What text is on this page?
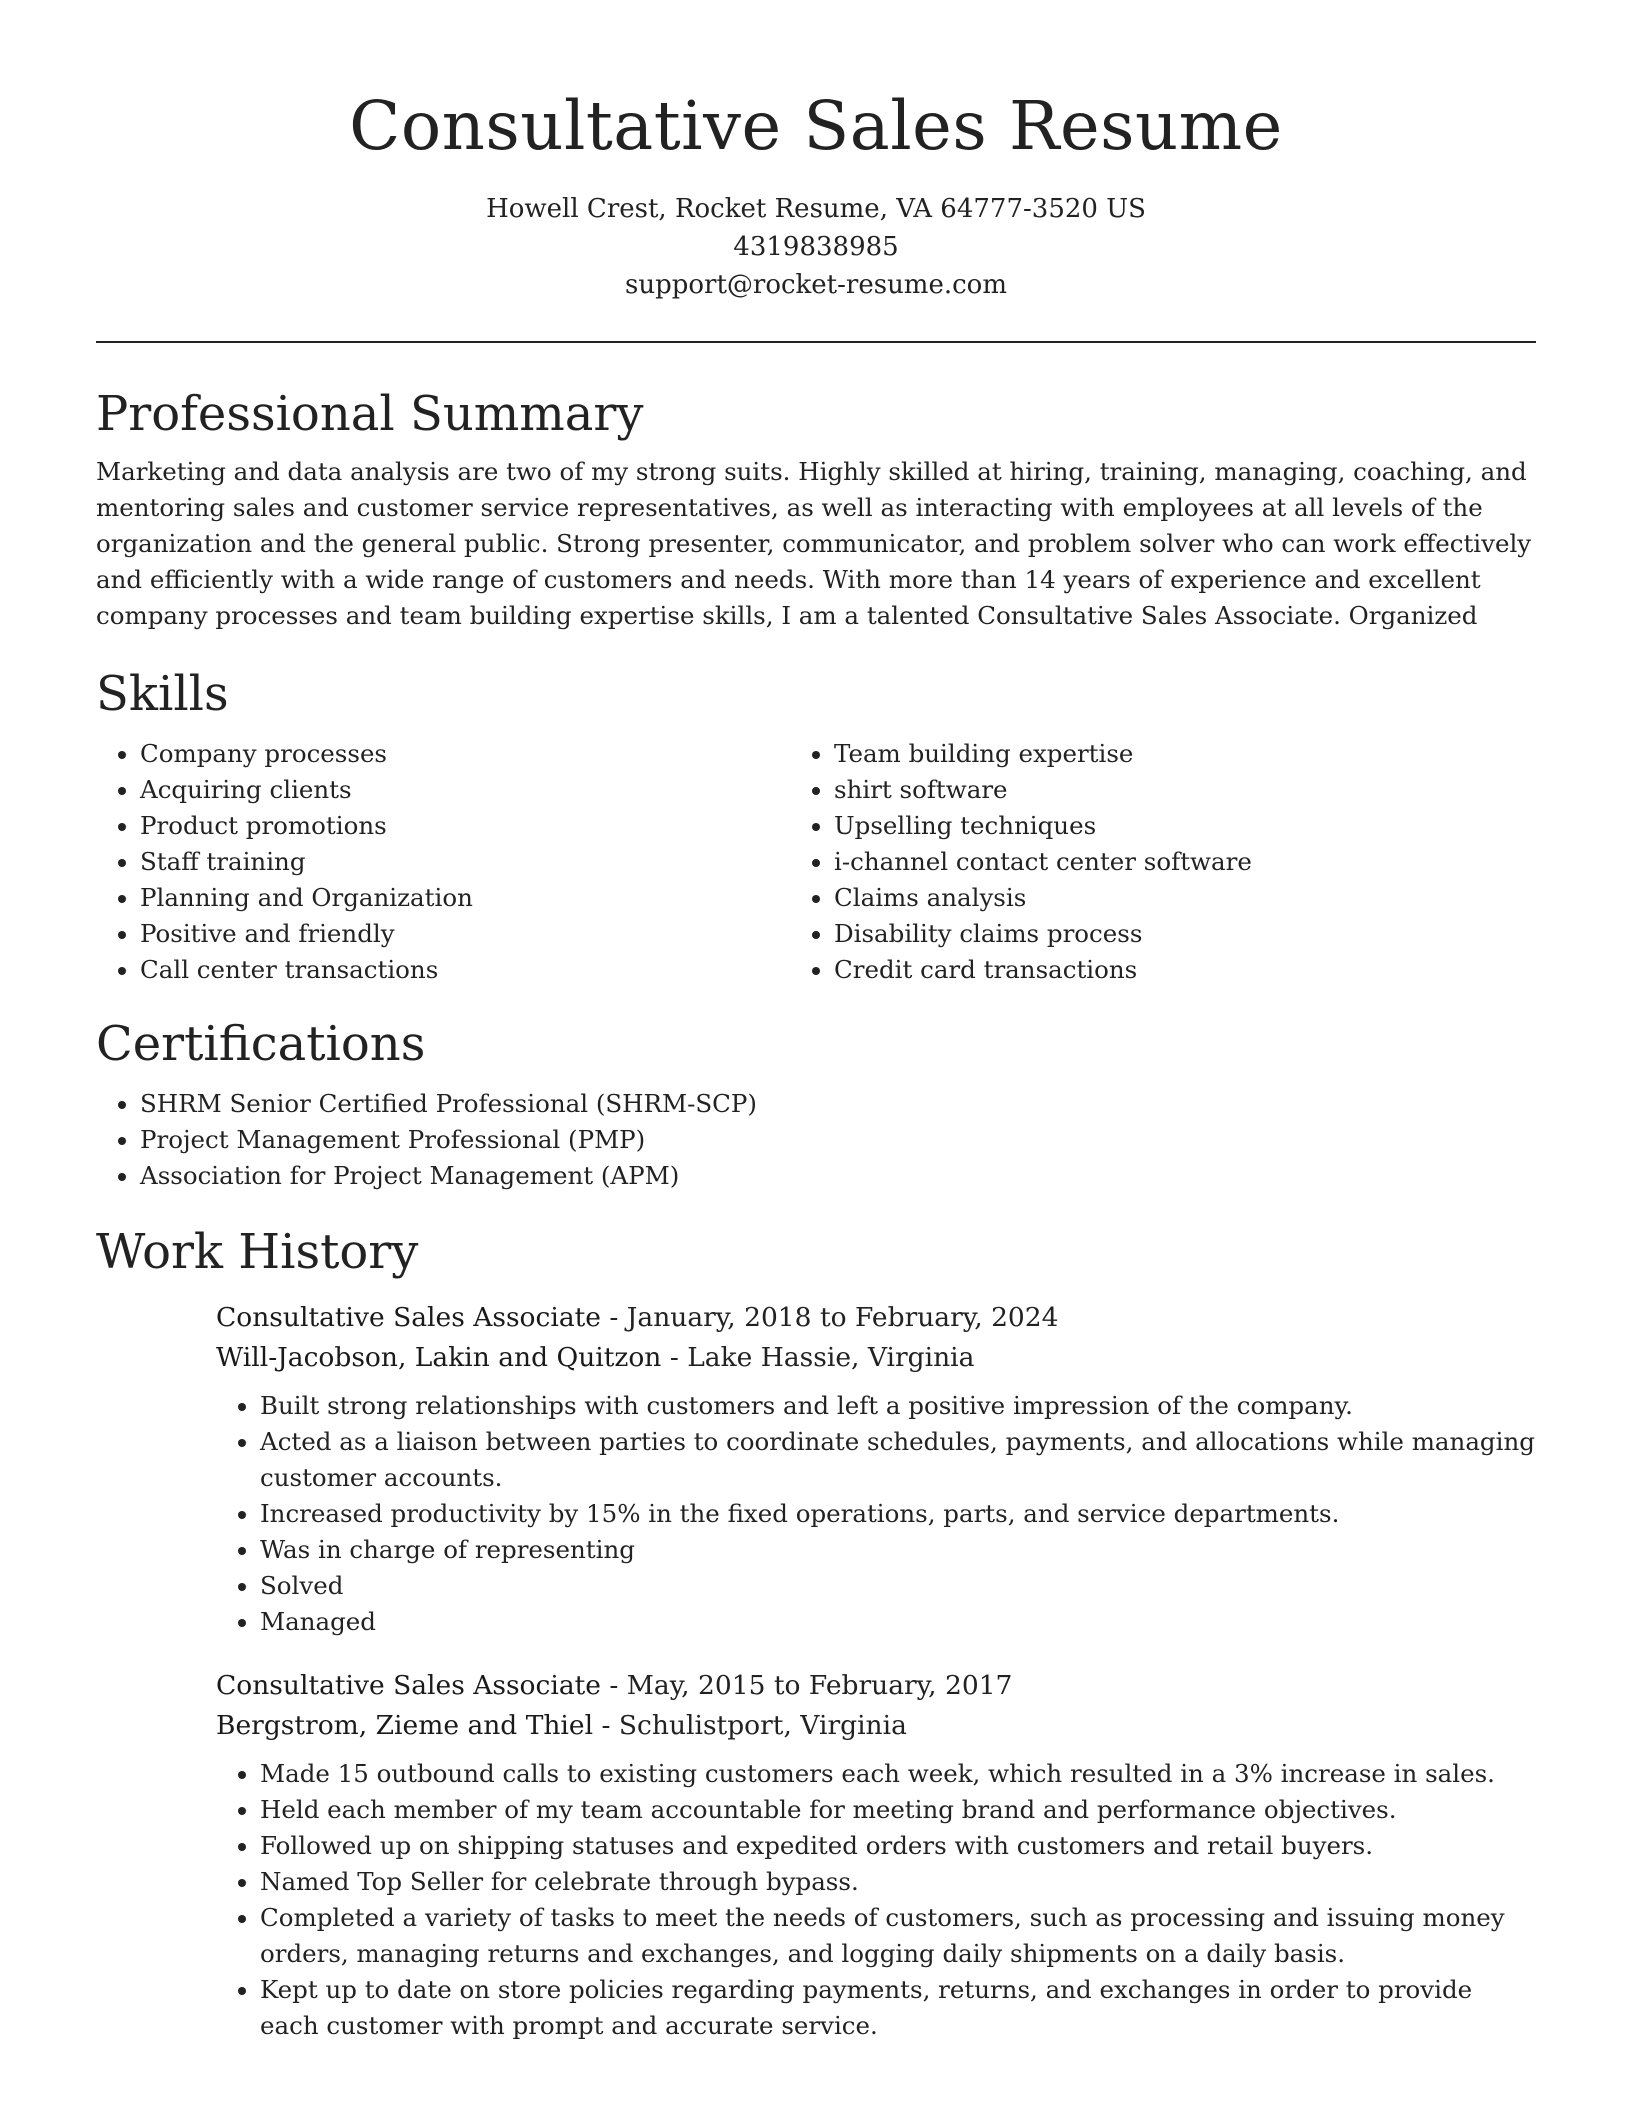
Consultative Sales Resume
Howell Crest, Rocket Resume, VA 64777-3520 US
4319838985
support@rocket-resume.com
Professional Summary

Marketing and data analysis are two of my strong suits. Highly skilled at hiring, training, managing, coaching, and mentoring sales and customer service representatives, as well as interacting with employees at all levels of the organization and the general public. Strong presenter, communicator, and problem solver who can work effectively and efficiently with a wide range of customers and needs. With more than 14 years of experience and excellent company processes and team building expertise skills, I am a talented Consultative Sales Associate. Organized

Skills
• Company processes
• Acquiring clients
• Product promotions
• Staff training
• Planning and Organization
• Positive and friendly
• Call center transactions
• Team building expertise
• shirt software
• Upselling techniques
• i-channel contact center software
• Claims analysis
• Disability claims process
• Credit card transactions
Certifications
• SHRM Senior Certified Professional (SHRM-SCP)
• Project Management Professional (PMP)
• Association for Project Management (APM)
Work History
Consultative Sales Associate - January, 2018 to February, 2024
Will-Jacobson, Lakin and Quitzon - Lake Hassie, Virginia
• Built strong relationships with customers and left a positive impression of the company.
• Acted as a liaison between parties to coordinate schedules, payments, and allocations while managing customer accounts.
• Increased productivity by 15% in the fixed operations, parts, and service departments.
• Was in charge of representing
• Solved
• Managed
Consultative Sales Associate - May, 2015 to February, 2017
Bergstrom, Zieme and Thiel - Schulistport, Virginia
• Made 15 outbound calls to existing customers each week, which resulted in a 3% increase in sales.
• Held each member of my team accountable for meeting brand and performance objectives.
• Followed up on shipping statuses and expedited orders with customers and retail buyers.
• Named Top Seller for celebrate through bypass.
• Completed a variety of tasks to meet the needs of customers, such as processing and issuing money orders, managing returns and exchanges, and logging daily shipments on a daily basis.
• Kept up to date on store policies regarding payments, returns, and exchanges in order to provide each customer with prompt and accurate service.
